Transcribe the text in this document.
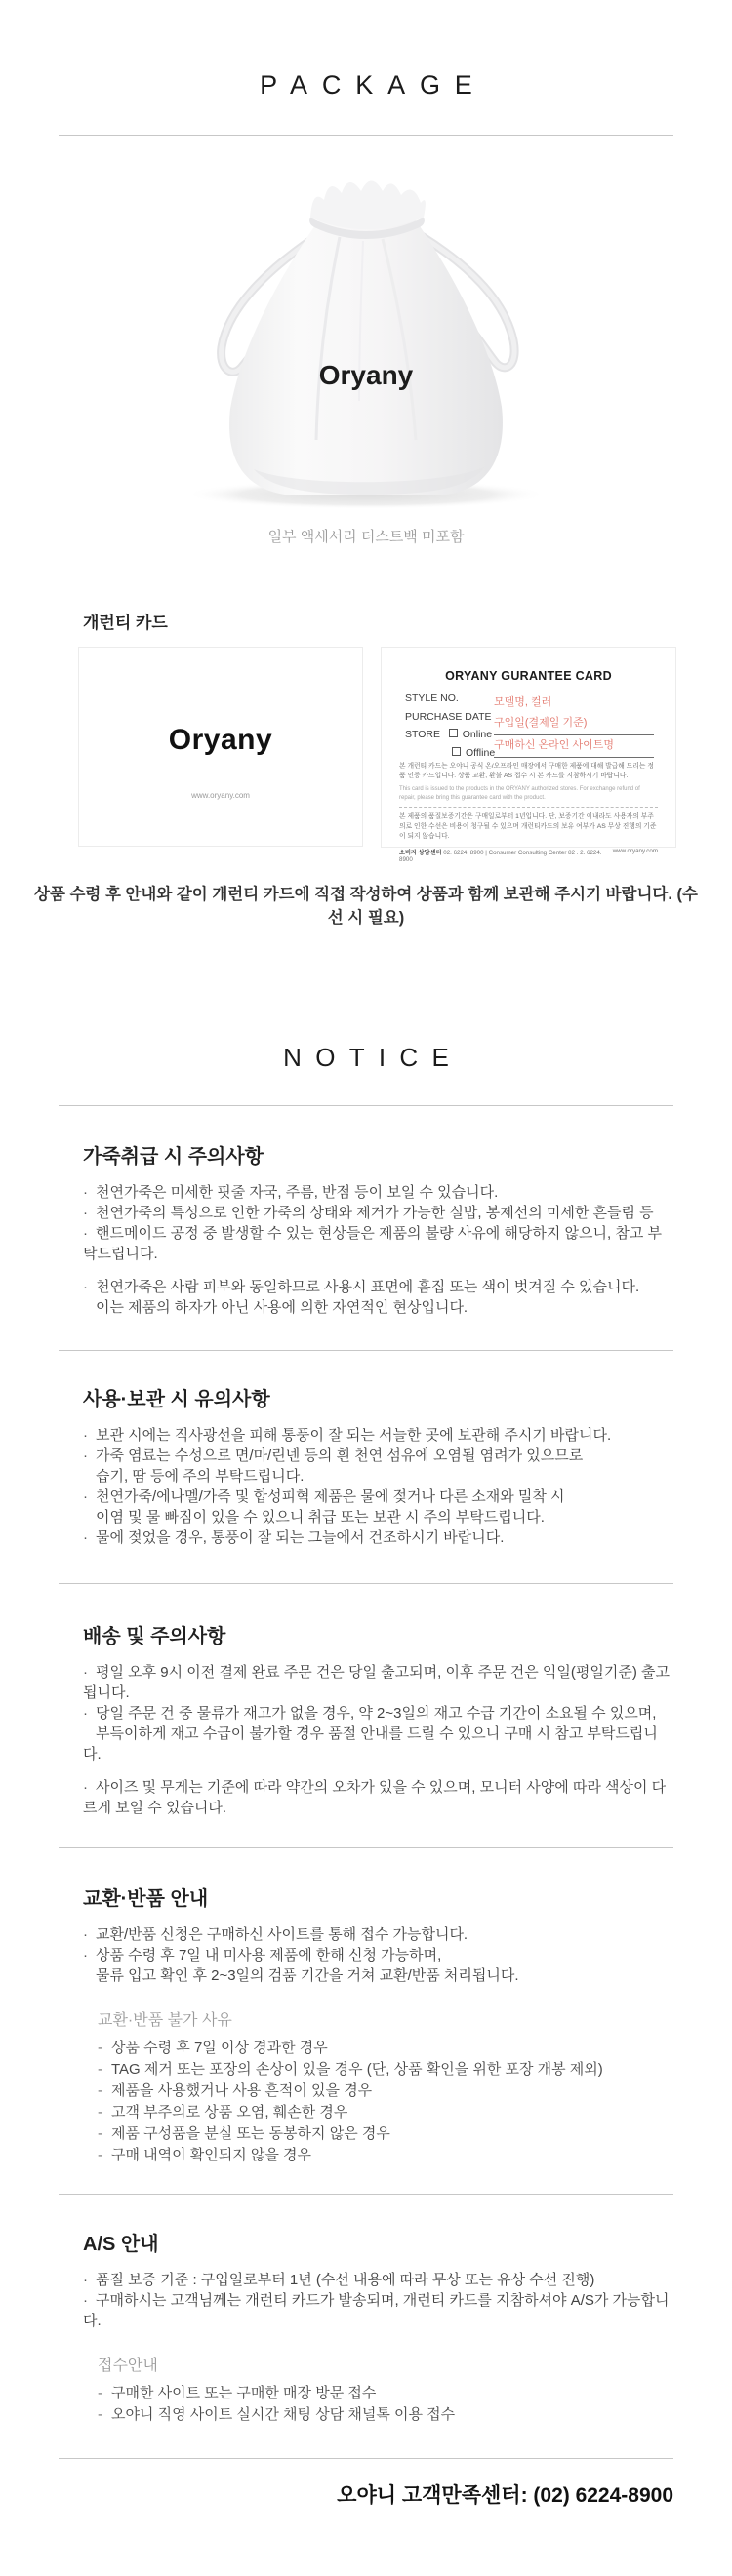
PACKAGE
Oryany
일부 액세서리 더스트백 미포함
개런티 카드
Oryany
www.oryany.com
ORYANY GURANTEE CARD
STYLE NO.
PURCHASE DATE
STORE Online
Offline
모델명, 컬러
구입일(결제일 기준)
구매하신 온라인 사이트명
본 개런티 카드는 오야니 공식 온/오프라인 매장에서 구매한 제품에 대해 발급해 드리는 정품 인증 카드입니다. 상품 교환, 환불 AS 접수 시 본 카드를 지참하시기 바랍니다.
This card is issued to the products in the ORYANY authorized stores. For exchange refund of repair, please bring this guarantee card with the product.
본 제품의 품질보증기간은 구매일로부터 1년입니다. 단, 보증기간 이내라도 사용자의 부주의로 인한 수선은 비용이 청구될 수 있으며 개런티카드의 보유 여부가 AS 무상 진행의 기준이 되지 않습니다.
소비자 상담센터 02. 6224. 8900 | Consumer Consulting Center 82 . 2. 6224. 8900
www.oryany.com
상품 수령 후 안내와 같이 개런티 카드에 직접 작성하여 상품과 함께 보관해 주시기 바랍니다. (수선 시 필요)
NOTICE
가죽취급 시 주의사항
· 천연가죽은 미세한 핏줄 자국, 주름, 반점 등이 보일 수 있습니다.
· 천연가죽의 특성으로 인한 가죽의 상태와 제거가 가능한 실밥, 봉제선의 미세한 흔들림 등
· 핸드메이드 공정 중 발생할 수 있는 현상들은 제품의 불량 사유에 해당하지 않으니, 참고 부탁드립니다.
· 천연가죽은 사람 피부와 동일하므로 사용시 표면에 흠집 또는 색이 벗겨질 수 있습니다.
이는 제품의 하자가 아닌 사용에 의한 자연적인 현상입니다.
사용·보관 시 유의사항
· 보관 시에는 직사광선을 피해 통풍이 잘 되는 서늘한 곳에 보관해 주시기 바랍니다.
· 가죽 염료는 수성으로 면/마/린넨 등의 흰 천연 섬유에 오염될 염려가 있으므로
습기, 땀 등에 주의 부탁드립니다.
· 천연가죽/에나멜/가죽 및 합성피혁 제품은 물에 젖거나 다른 소재와 밀착 시
이염 및 물 빠짐이 있을 수 있으니 취급 또는 보관 시 주의 부탁드립니다.
· 물에 젖었을 경우, 통풍이 잘 되는 그늘에서 건조하시기 바랍니다.
배송 및 주의사항
· 평일 오후 9시 이전 결제 완료 주문 건은 당일 출고되며, 이후 주문 건은 익일(평일기준) 출고됩니다.
· 당일 주문 건 중 물류가 재고가 없을 경우, 약 2~3일의 재고 수급 기간이 소요될 수 있으며,
부득이하게 재고 수급이 불가할 경우 품절 안내를 드릴 수 있으니 구매 시 참고 부탁드립니다.
· 사이즈 및 무게는 기준에 따라 약간의 오차가 있을 수 있으며, 모니터 사양에 따라 색상이 다르게 보일 수 있습니다.
교환·반품 안내
· 교환/반품 신청은 구매하신 사이트를 통해 접수 가능합니다.
· 상품 수령 후 7일 내 미사용 제품에 한해 신청 가능하며,
물류 입고 확인 후 2~3일의 검품 기간을 거쳐 교환/반품 처리됩니다.
교환·반품 불가 사유
- 상품 수령 후 7일 이상 경과한 경우
- TAG 제거 또는 포장의 손상이 있을 경우 (단, 상품 확인을 위한 포장 개봉 제외)
- 제품을 사용했거나 사용 흔적이 있을 경우
- 고객 부주의로 상품 오염, 훼손한 경우
- 제품 구성품을 분실 또는 동봉하지 않은 경우
- 구매 내역이 확인되지 않을 경우
A/S 안내
· 품질 보증 기준 : 구입일로부터 1년 (수선 내용에 따라 무상 또는 유상 수선 진행)
· 구매하시는 고객님께는 개런티 카드가 발송되며, 개런티 카드를 지참하셔야 A/S가 가능합니다.
접수안내
- 구매한 사이트 또는 구매한 매장 방문 접수
- 오야니 직영 사이트 실시간 채팅 상담 채널톡 이용 접수
오야니 고객만족센터: (02) 6224-8900
